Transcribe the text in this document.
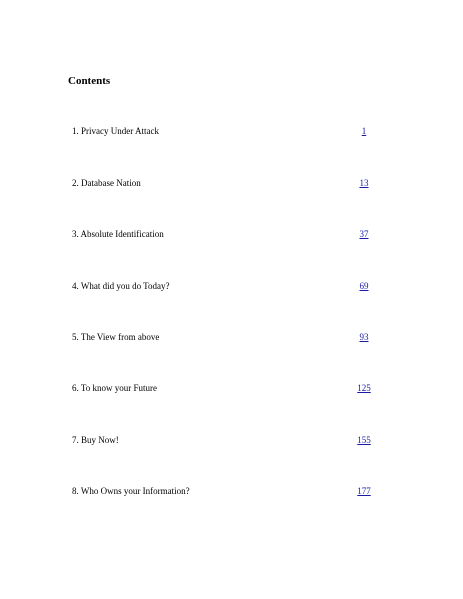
Contents
1. Privacy Under Attack	1
2. Database Nation	13
3. Absolute Identification	37
4. What did you do Today?	69
5. The View from above	93
6. To know your Future	125
7. Buy Now!	155
8. Who Owns your Information?	177
